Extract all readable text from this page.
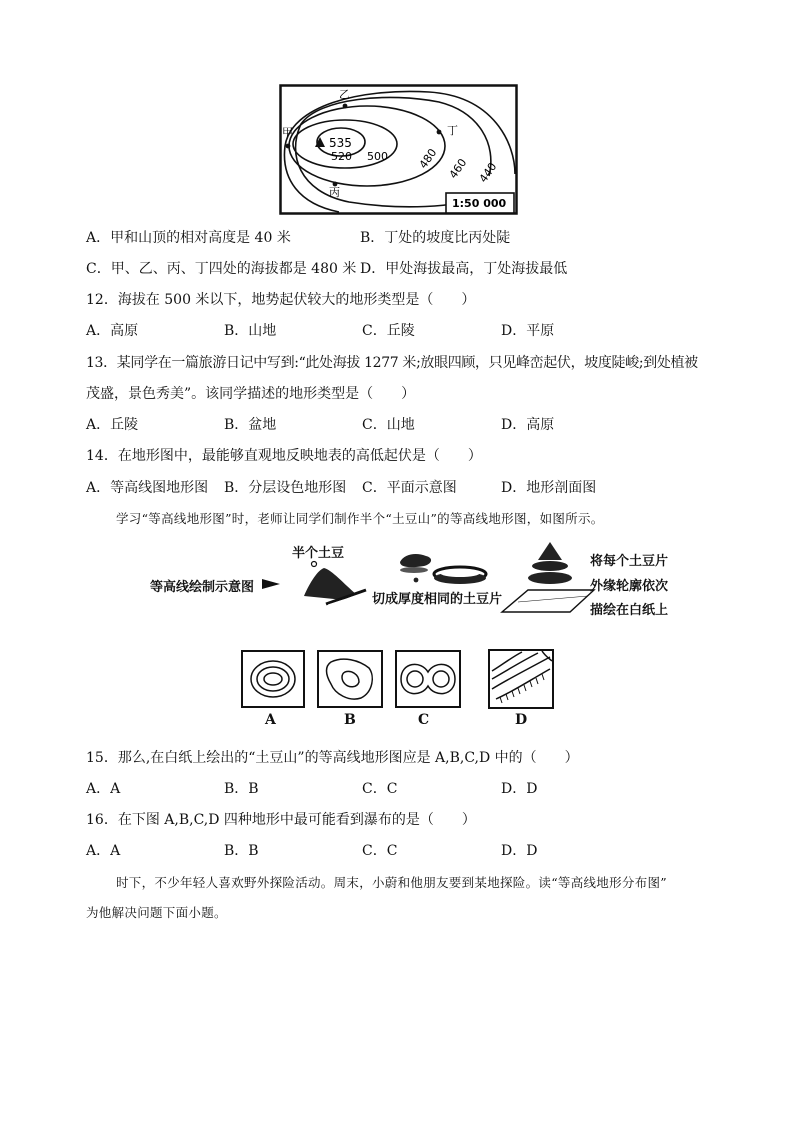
535
520 500	480 460 440
甲
乙
丙
丁
1:50 000
A．甲和山顶的相对高度是 40 米	B．丁处的坡度比丙处陡
C．甲、乙、丙、丁四处的海拔都是 480 米 D．甲处海拔最高，丁处海拔最低
12．海拔在 500 米以下，地势起伏较大的地形类型是（　　）
A．高原	B．山地	C．丘陵	D．平原
13．某同学在一篇旅游日记中写到:“此处海拔 1277 米;放眼四顾，只见峰峦起伏，坡度陡峻;到处植被
茂盛，景色秀美”。该同学描述的地形类型是（　　）
A．丘陵	B．盆地	C．山地	D．高原
14．在地形图中，最能够直观地反映地表的高低起伏是（　　）
A．等高线图地形图 B．分层设色地形图 C．平面示意图	D．地形剖面图
学习“等高线地形图”时，老师让同学们制作半个“土豆山”的等高线地形图，如图所示。
等高线绘制示意图
半个土豆
切成厚度相同的土豆片
将每个土豆片
外缘轮廓依次
描绘在白纸上
A	B	C	D
15．那么,在白纸上绘出的“土豆山”的等高线地形图应是 A,B,C,D 中的（　　）
A．A	B．B	C．C	D．D
16．在下图 A,B,C,D 四种地形中最可能看到瀑布的是（　　）
A．A	B．B	C．C	D．D
时下，不少年轻人喜欢野外探险活动。周末，小蔚和他朋友要到某地探险。读“等高线地形分布图”
为他解决问题下面小题。
